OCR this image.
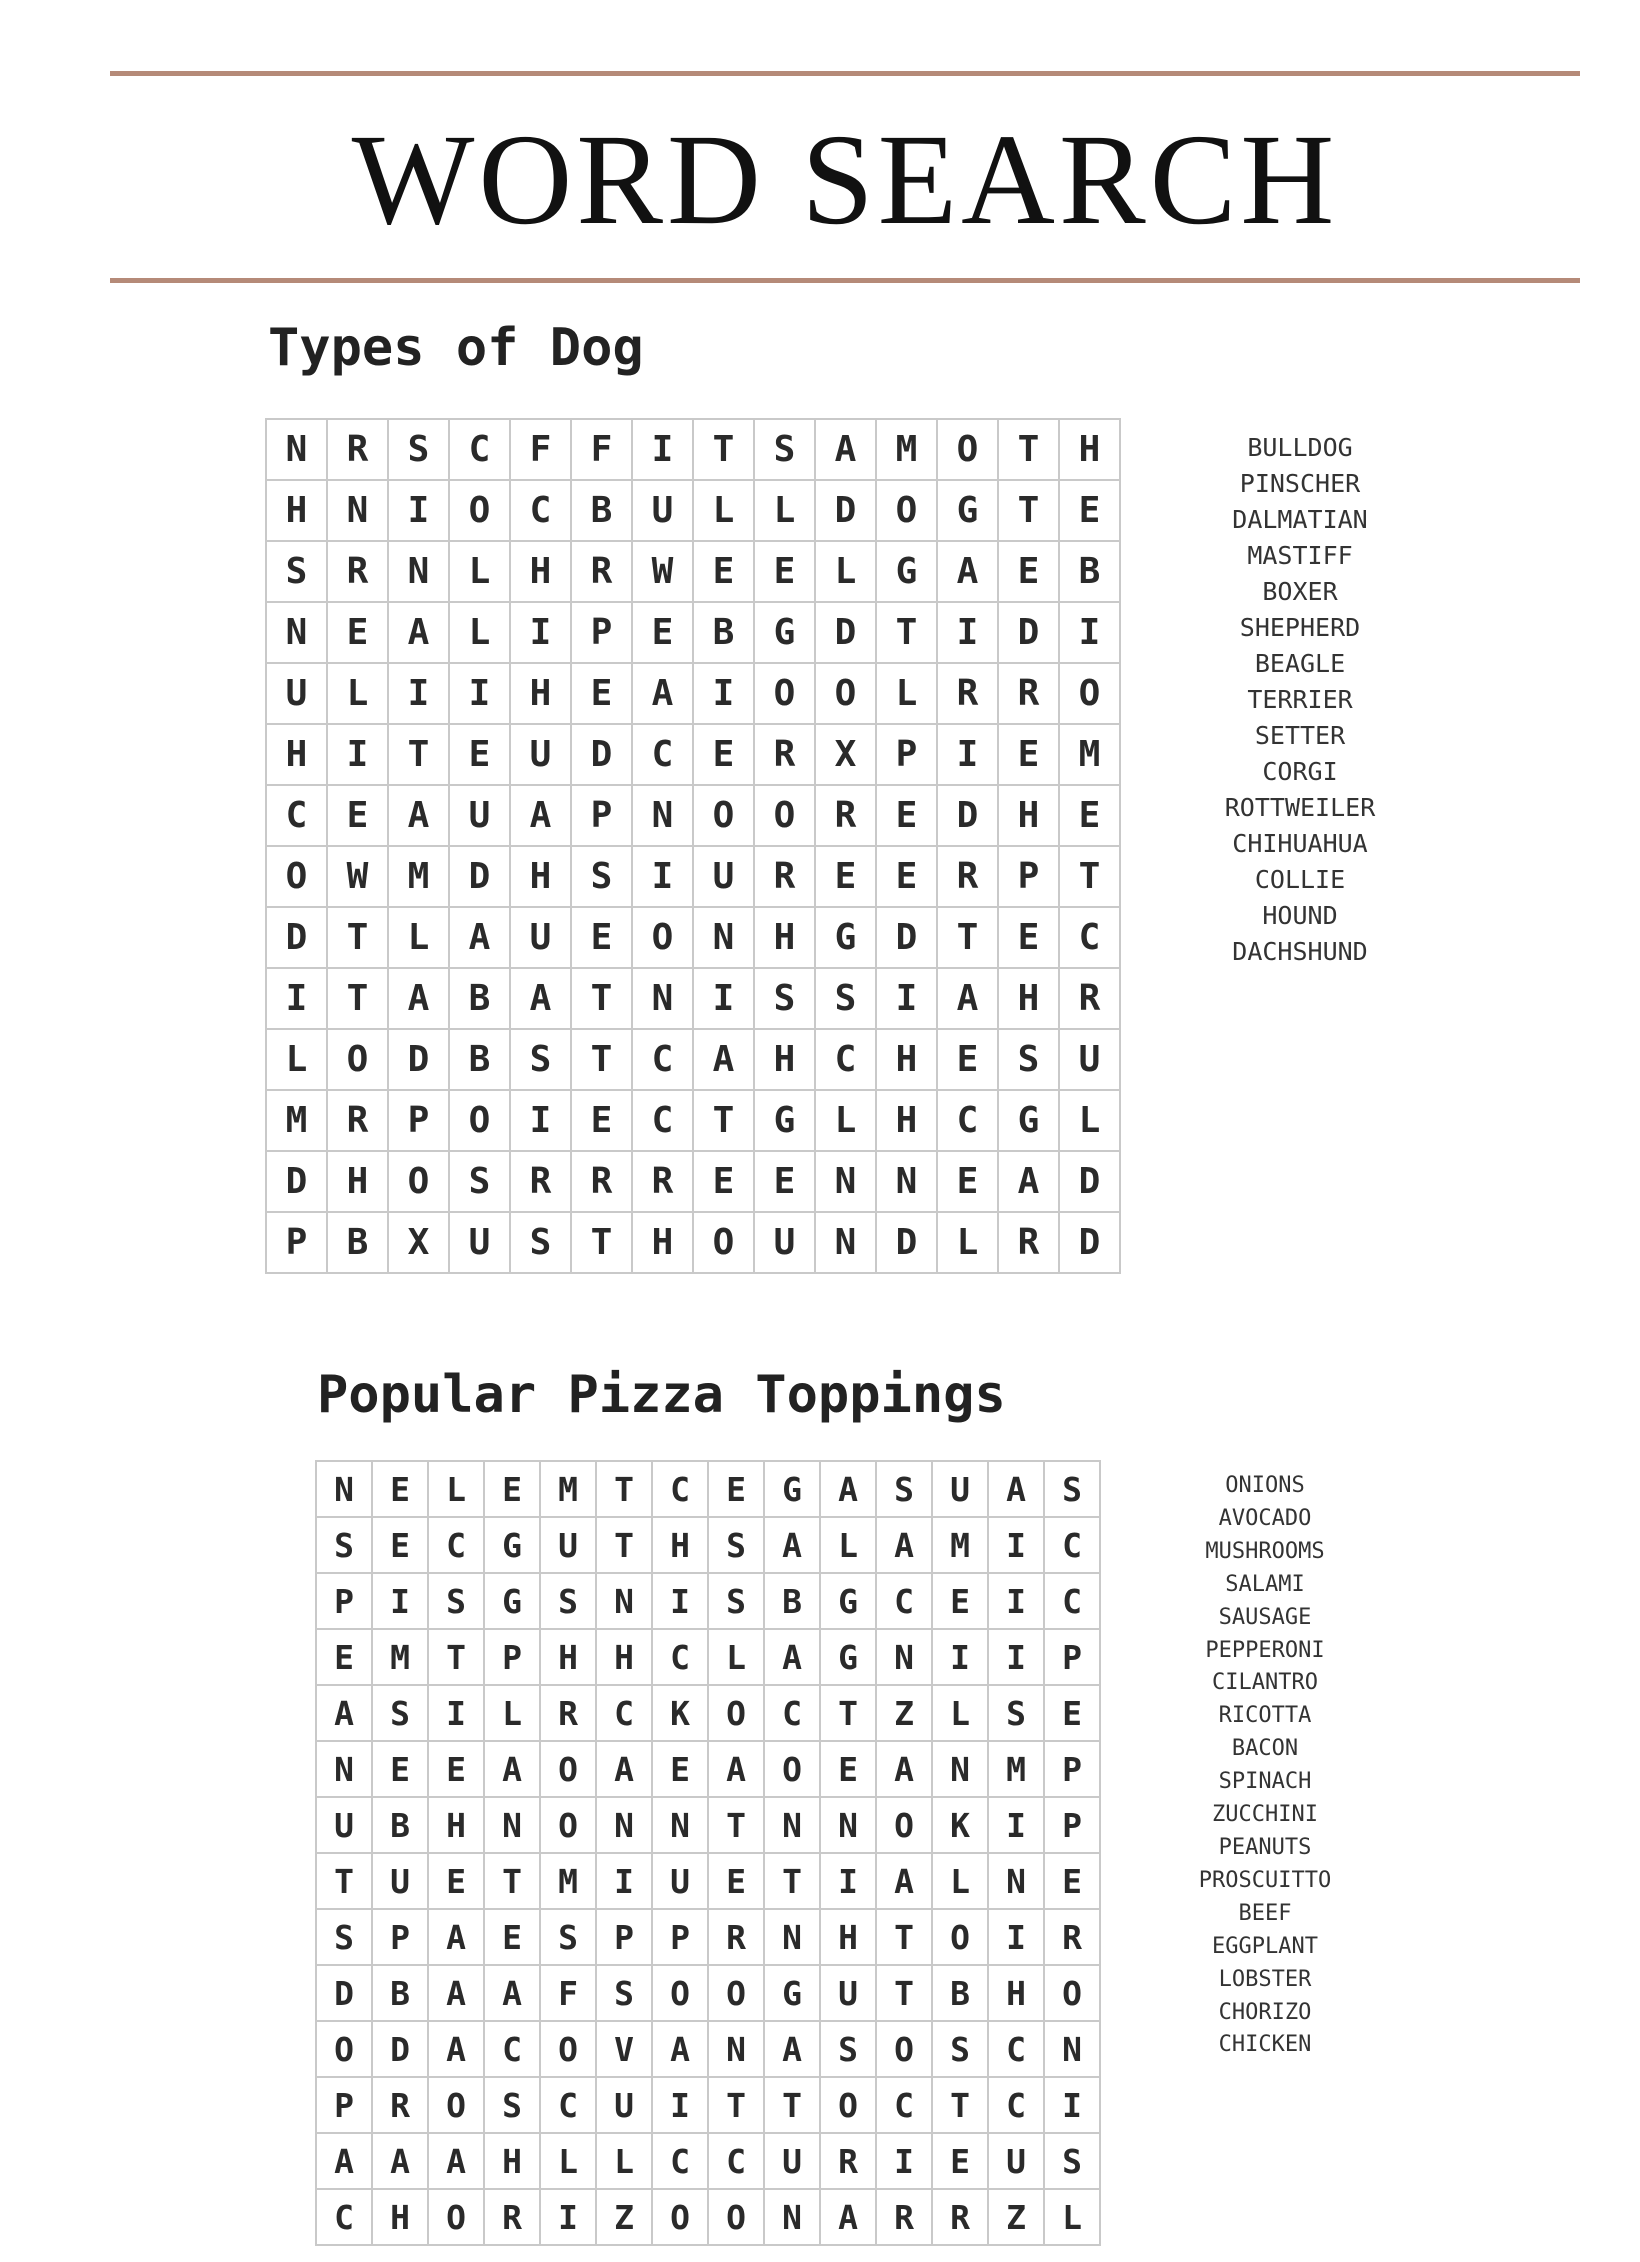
WORD SEARCH
Types of Dog
N	R	S	C	F	F	I	T	S	A	M	O	T	H
H	N	I	O	C	B	U	L	L	D	O	G	T	E
S	R	N	L	H	R	W	E	E	L	G	A	E	B
N	E	A	L	I	P	E	B	G	D	T	I	D	I
U	L	I	I	H	E	A	I	O	O	L	R	R	O
H	I	T	E	U	D	C	E	R	X	P	I	E	M
C	E	A	U	A	P	N	O	O	R	E	D	H	E
O	W	M	D	H	S	I	U	R	E	E	R	P	T
D	T	L	A	U	E	O	N	H	G	D	T	E	C
I	T	A	B	A	T	N	I	S	S	I	A	H	R
L	O	D	B	S	T	C	A	H	C	H	E	S	U
M	R	P	O	I	E	C	T	G	L	H	C	G	L
D	H	O	S	R	R	R	E	E	N	N	E	A	D
P	B	X	U	S	T	H	O	U	N	D	L	R	D
BULLDOG
PINSCHER
DALMATIAN
MASTIFF
BOXER
SHEPHERD
BEAGLE
TERRIER
SETTER
CORGI
ROTTWEILER
CHIHUAHUA
COLLIE
HOUND
DACHSHUND
Popular Pizza Toppings
N	E	L	E	M	T	C	E	G	A	S	U	A	S
S	E	C	G	U	T	H	S	A	L	A	M	I	C
P	I	S	G	S	N	I	S	B	G	C	E	I	C
E	M	T	P	H	H	C	L	A	G	N	I	I	P
A	S	I	L	R	C	K	O	C	T	Z	L	S	E
N	E	E	A	O	A	E	A	O	E	A	N	M	P
U	B	H	N	O	N	N	T	N	N	O	K	I	P
T	U	E	T	M	I	U	E	T	I	A	L	N	E
S	P	A	E	S	P	P	R	N	H	T	O	I	R
D	B	A	A	F	S	O	O	G	U	T	B	H	O
O	D	A	C	O	V	A	N	A	S	O	S	C	N
P	R	O	S	C	U	I	T	T	O	C	T	C	I
A	A	A	H	L	L	C	C	U	R	I	E	U	S
C	H	O	R	I	Z	O	O	N	A	R	R	Z	L
ONIONS
AVOCADO
MUSHROOMS
SALAMI
SAUSAGE
PEPPERONI
CILANTRO
RICOTTA
BACON
SPINACH
ZUCCHINI
PEANUTS
PROSCUITTO
BEEF
EGGPLANT
LOBSTER
CHORIZO
CHICKEN
